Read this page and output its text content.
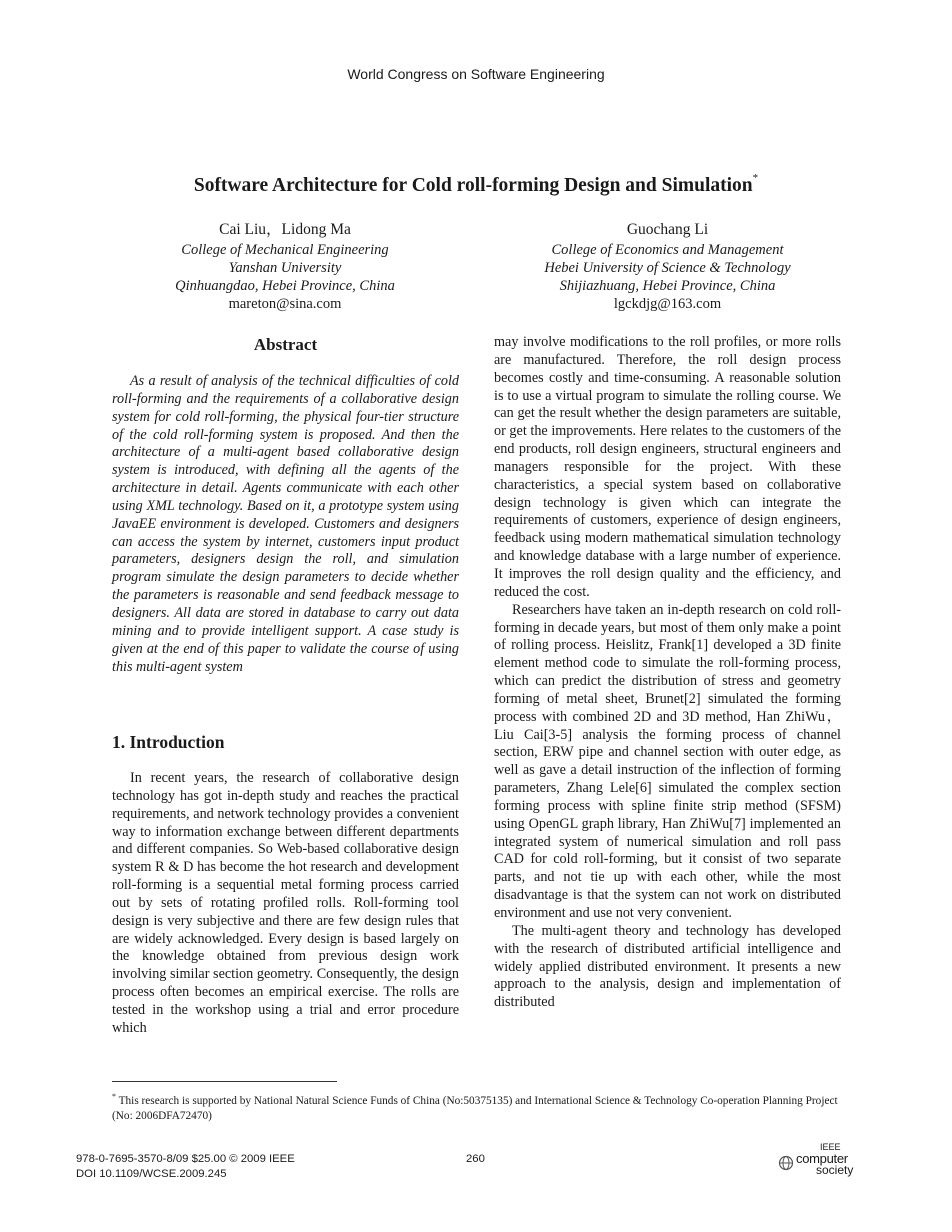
World Congress on Software Engineering
Software Architecture for Cold roll-forming Design and Simulation*
Cai Liu，Lidong Ma
College of Mechanical Engineering
Yanshan University
Qinhuangdao, Hebei Province, China
mareton@sina.com
Guochang Li
College of Economics and Management
Hebei University of Science & Technology
Shijiazhuang, Hebei Province, China
lgckdjg@163.com
Abstract

As a result of analysis of the technical difficulties of cold roll-forming and the requirements of a collaborative design system for cold roll-forming, the physical four-tier structure of the cold roll-forming system is proposed. And then the architecture of a multi-agent based collaborative design system is introduced, with defining all the agents of the architecture in detail. Agents communicate with each other using XML technology. Based on it, a prototype system using JavaEE environment is developed. Customers and designers can access the system by internet, customers input product parameters, designers design the roll, and simulation program simulate the design parameters to decide whether the parameters is reasonable and send feedback message to designers. All data are stored in database to carry out data mining and to provide intelligent support. A case study is given at the end of this paper to validate the course of using this multi-agent system

1. Introduction

In recent years, the research of collaborative design technology has got in-depth study and reaches the practical requirements, and network technology provides a convenient way to information exchange between different departments and different companies. So Web-based collaborative design system R & D has become the hot research and development roll-forming is a sequential metal forming process carried out by sets of rotating profiled rolls. Roll-forming tool design is very subjective and there are few design rules that are widely acknowledged. Every design is based largely on the knowledge obtained from previous design work involving similar section geometry. Consequently, the design process often becomes an empirical exercise. The rolls are tested in the workshop using a trial and error procedure which

may involve modifications to the roll profiles, or more rolls are manufactured. Therefore, the roll design process becomes costly and time-consuming. A reasonable solution is to use a virtual program to simulate the rolling course. We can get the result whether the design parameters are suitable, or get the improvements. Here relates to the customers of the end products, roll design engineers, structural engineers and managers responsible for the project. With these characteristics, a special system based on collaborative design technology is given which can integrate the requirements of customers, experience of design engineers, feedback using modern mathematical simulation technology and knowledge database with a large number of experience. It improves the roll design quality and the efficiency, and reduced the cost.

Researchers have taken an in-depth research on cold roll-forming in decade years, but most of them only make a point of rolling process. Heislitz, Frank[1] developed a 3D finite element method code to simulate the roll-forming process, which can predict the distribution of stress and geometry forming of metal sheet, Brunet[2] simulated the forming process with combined 2D and 3D method, Han ZhiWu，Liu Cai[3-5] analysis the forming process of channel section, ERW pipe and channel section with outer edge, as well as gave a detail instruction of the inflection of forming parameters, Zhang Lele[6] simulated the complex section forming process with spline finite strip method (SFSM) using OpenGL graph library, Han ZhiWu[7] implemented an integrated system of numerical simulation and roll pass CAD for cold roll-forming, but it consist of two separate parts, and not tie up with each other, while the most disadvantage is that the system can not work on distributed environment and use not very convenient.

The multi-agent theory and technology has developed with the research of distributed artificial intelligence and widely applied distributed environment. It presents a new approach to the analysis, design and implementation of distributed

* This research is supported by National Natural Science Funds of China (No:50375135) and International Science & Technology Co-operation Planning Project (No: 2006DFA72470)
978-0-7695-3570-8/09 $25.00 © 2009 IEEE
DOI 10.1109/WCSE.2009.245
260
IEEE
computer
society
